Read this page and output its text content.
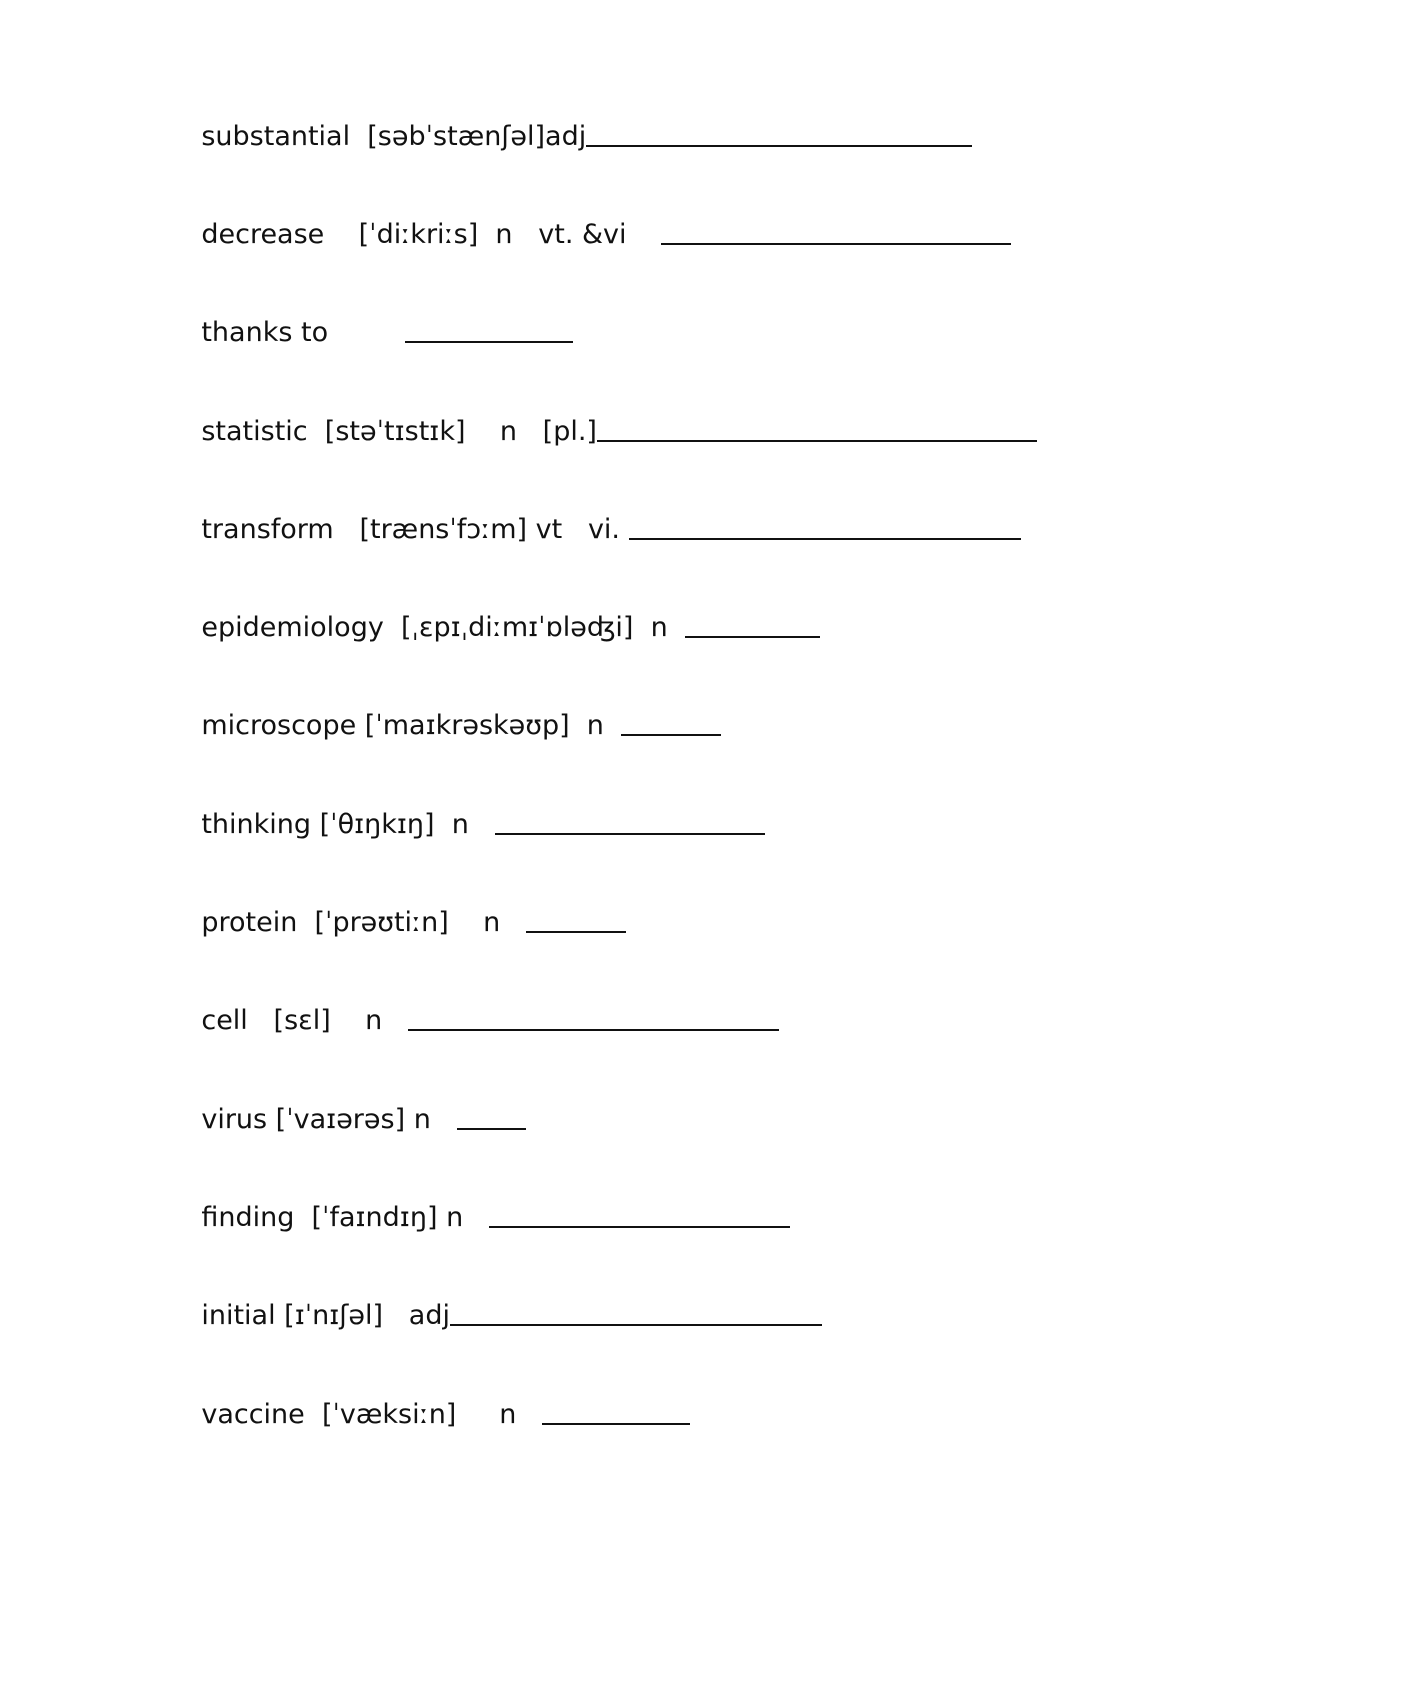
substantial  [səbˈstænʃəl]adj

decrease    [ˈdiːkriːs]  n   vt. &vi

thanks to

statistic  [stəˈtɪstɪk]    n   [pl.]

transform   [trænsˈfɔːm] vt   vi.

epidemiology  [ˌɛpɪˌdiːmɪˈɒləʤi]  n

microscope [ˈmaɪkrəskəʊp]  n

thinking [ˈθɪŋkɪŋ]  n

protein  [ˈprəʊtiːn]    n

cell   [sɛl]    n

virus [ˈvaɪərəs] n

finding  [ˈfaɪndɪŋ] n

initial [ɪˈnɪʃəl]   adj

vaccine  [ˈvæksiːn]     n
